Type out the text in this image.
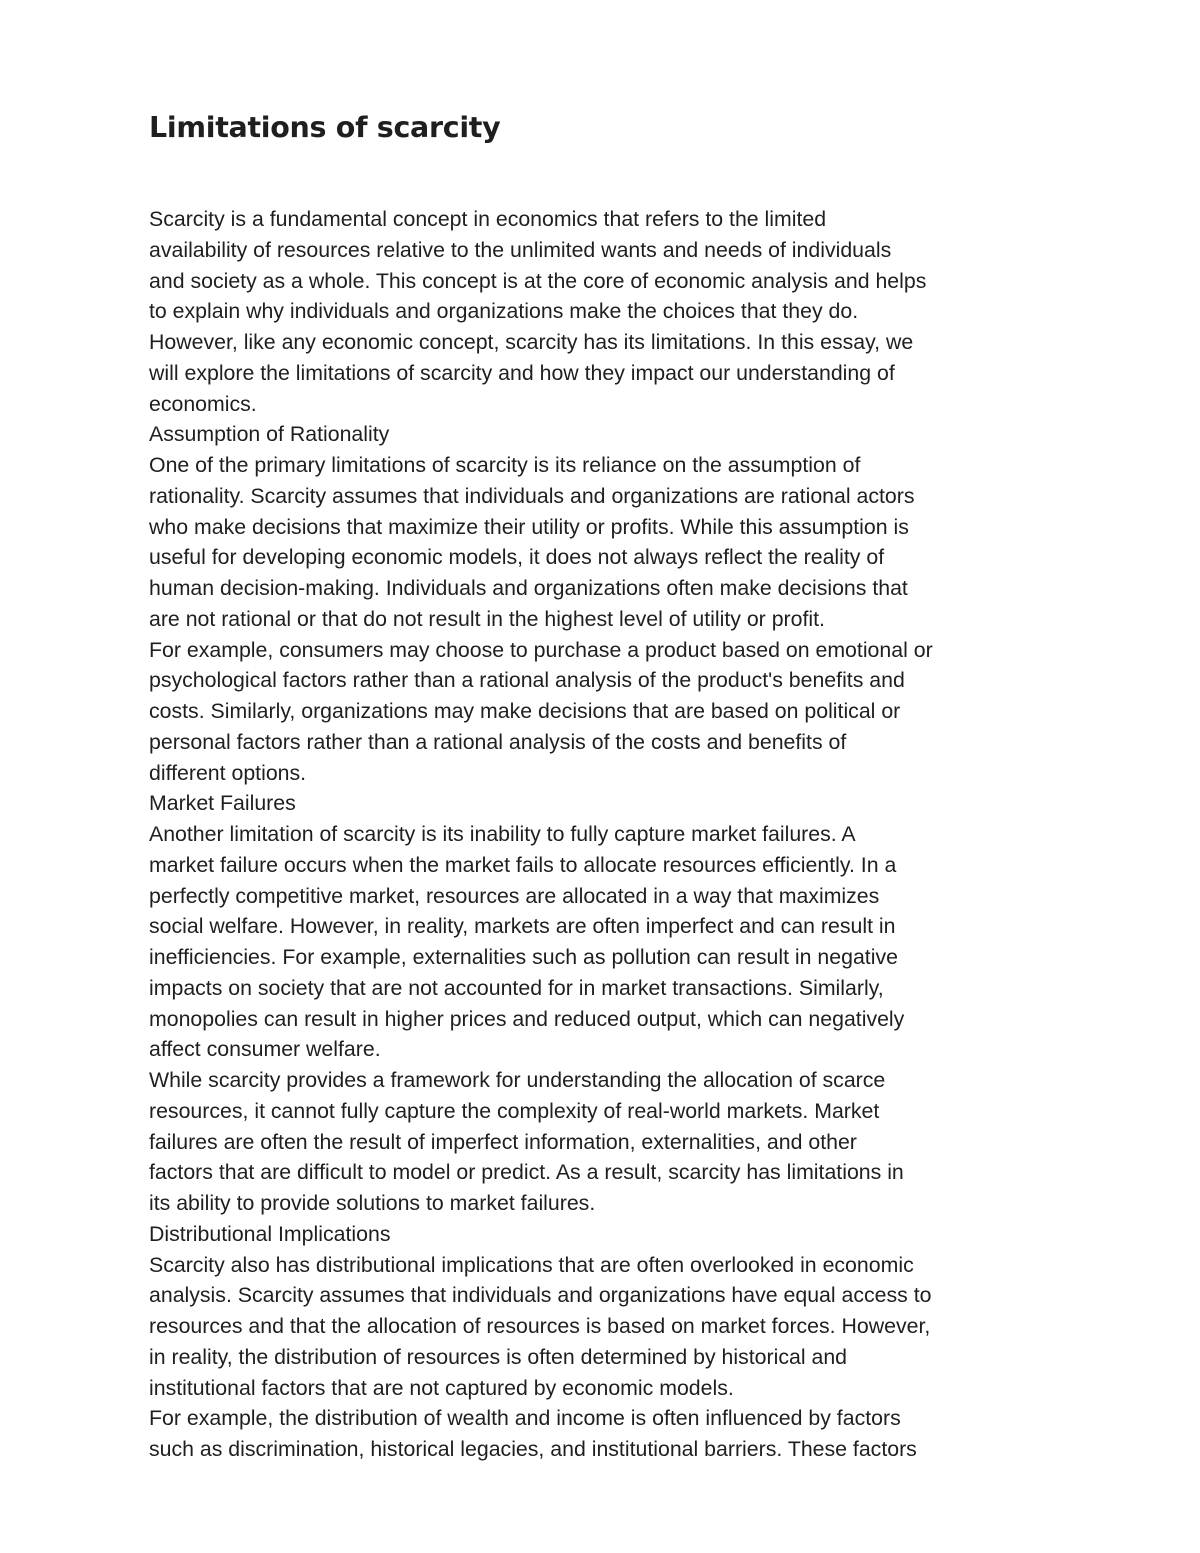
Limitations of scarcity
Scarcity is a fundamental concept in economics that refers to the limited
availability of resources relative to the unlimited wants and needs of individuals
and society as a whole. This concept is at the core of economic analysis and helps
to explain why individuals and organizations make the choices that they do.
However, like any economic concept, scarcity has its limitations. In this essay, we
will explore the limitations of scarcity and how they impact our understanding of
economics.
Assumption of Rationality
One of the primary limitations of scarcity is its reliance on the assumption of
rationality. Scarcity assumes that individuals and organizations are rational actors
who make decisions that maximize their utility or profits. While this assumption is
useful for developing economic models, it does not always reflect the reality of
human decision-making. Individuals and organizations often make decisions that
are not rational or that do not result in the highest level of utility or profit.
For example, consumers may choose to purchase a product based on emotional or
psychological factors rather than a rational analysis of the product's benefits and
costs. Similarly, organizations may make decisions that are based on political or
personal factors rather than a rational analysis of the costs and benefits of
different options.
Market Failures
Another limitation of scarcity is its inability to fully capture market failures. A
market failure occurs when the market fails to allocate resources efficiently. In a
perfectly competitive market, resources are allocated in a way that maximizes
social welfare. However, in reality, markets are often imperfect and can result in
inefficiencies. For example, externalities such as pollution can result in negative
impacts on society that are not accounted for in market transactions. Similarly,
monopolies can result in higher prices and reduced output, which can negatively
affect consumer welfare.
While scarcity provides a framework for understanding the allocation of scarce
resources, it cannot fully capture the complexity of real-world markets. Market
failures are often the result of imperfect information, externalities, and other
factors that are difficult to model or predict. As a result, scarcity has limitations in
its ability to provide solutions to market failures.
Distributional Implications
Scarcity also has distributional implications that are often overlooked in economic
analysis. Scarcity assumes that individuals and organizations have equal access to
resources and that the allocation of resources is based on market forces. However,
in reality, the distribution of resources is often determined by historical and
institutional factors that are not captured by economic models.
For example, the distribution of wealth and income is often influenced by factors
such as discrimination, historical legacies, and institutional barriers. These factors
